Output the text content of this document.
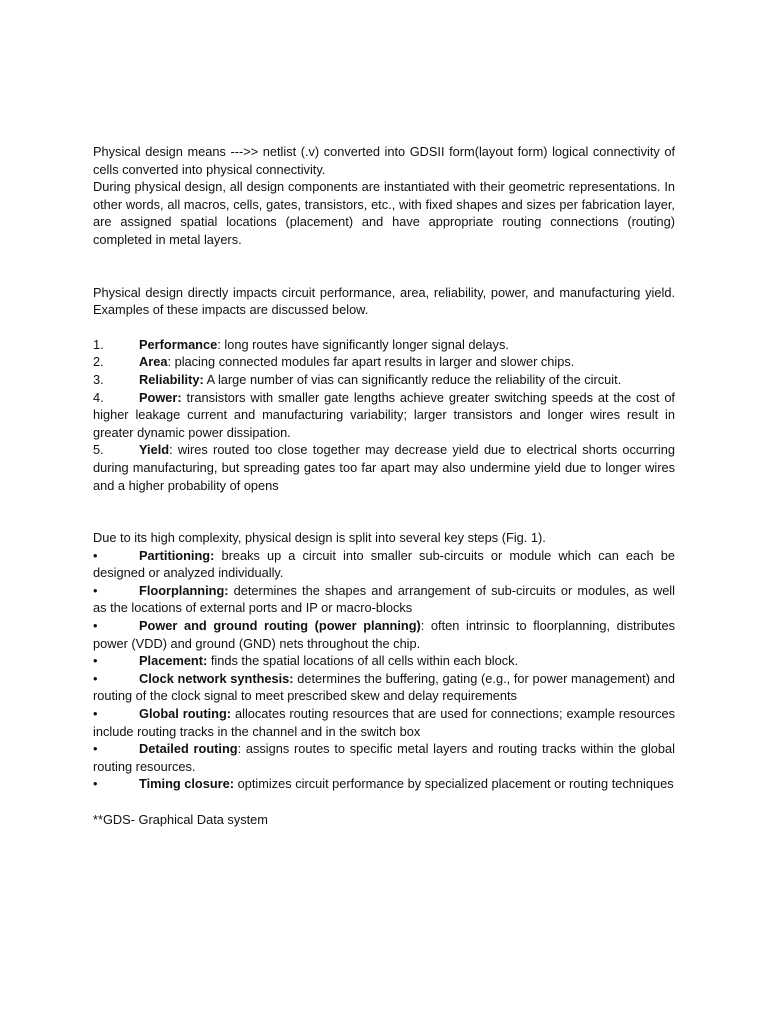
Physical design means --->> netlist (.v) converted into GDSII form(layout form) logical connectivity of cells converted into physical connectivity.

During physical design, all design components are instantiated with their geometric representations. In other words, all macros, cells, gates, transistors, etc., with fixed shapes and sizes per fabrication layer, are assigned spatial locations (placement) and have appropriate routing connections (routing) completed in metal layers.

Physical design directly impacts circuit performance, area, reliability, power, and manufacturing yield. Examples of these impacts are discussed below.

1.	Performance: long routes have significantly longer signal delays.

2.	Area: placing connected modules far apart results in larger and slower chips.

3.	Reliability: A large number of vias can significantly reduce the reliability of the circuit.

4.	Power: transistors with smaller gate lengths achieve greater switching speeds at the cost of higher leakage current and manufacturing variability; larger transistors and longer wires result in greater dynamic power dissipation.

5.	Yield: wires routed too close together may decrease yield due to electrical shorts occurring during manufacturing, but spreading gates too far apart may also undermine yield due to longer wires and a higher probability of opens

Due to its high complexity, physical design is split into several key steps (Fig. 1).

•	Partitioning: breaks up a circuit into smaller sub-circuits or module which can each be designed or analyzed individually.

•	Floorplanning: determines the shapes and arrangement of sub-circuits or modules, as well as the locations of external ports and IP or macro-blocks

•	Power and ground routing (power planning): often intrinsic to floorplanning, distributes power (VDD) and ground (GND) nets throughout the chip.

•	Placement: finds the spatial locations of all cells within each block.

•	Clock network synthesis: determines the buffering, gating (e.g., for power management) and routing of the clock signal to meet prescribed skew and delay requirements

•	Global routing: allocates routing resources that are used for connections; example resources include routing tracks in the channel and in the switch box

•	Detailed routing: assigns routes to specific metal layers and routing tracks within the global routing resources.

•	Timing closure: optimizes circuit performance by specialized placement or routing techniques

**GDS- Graphical Data system
